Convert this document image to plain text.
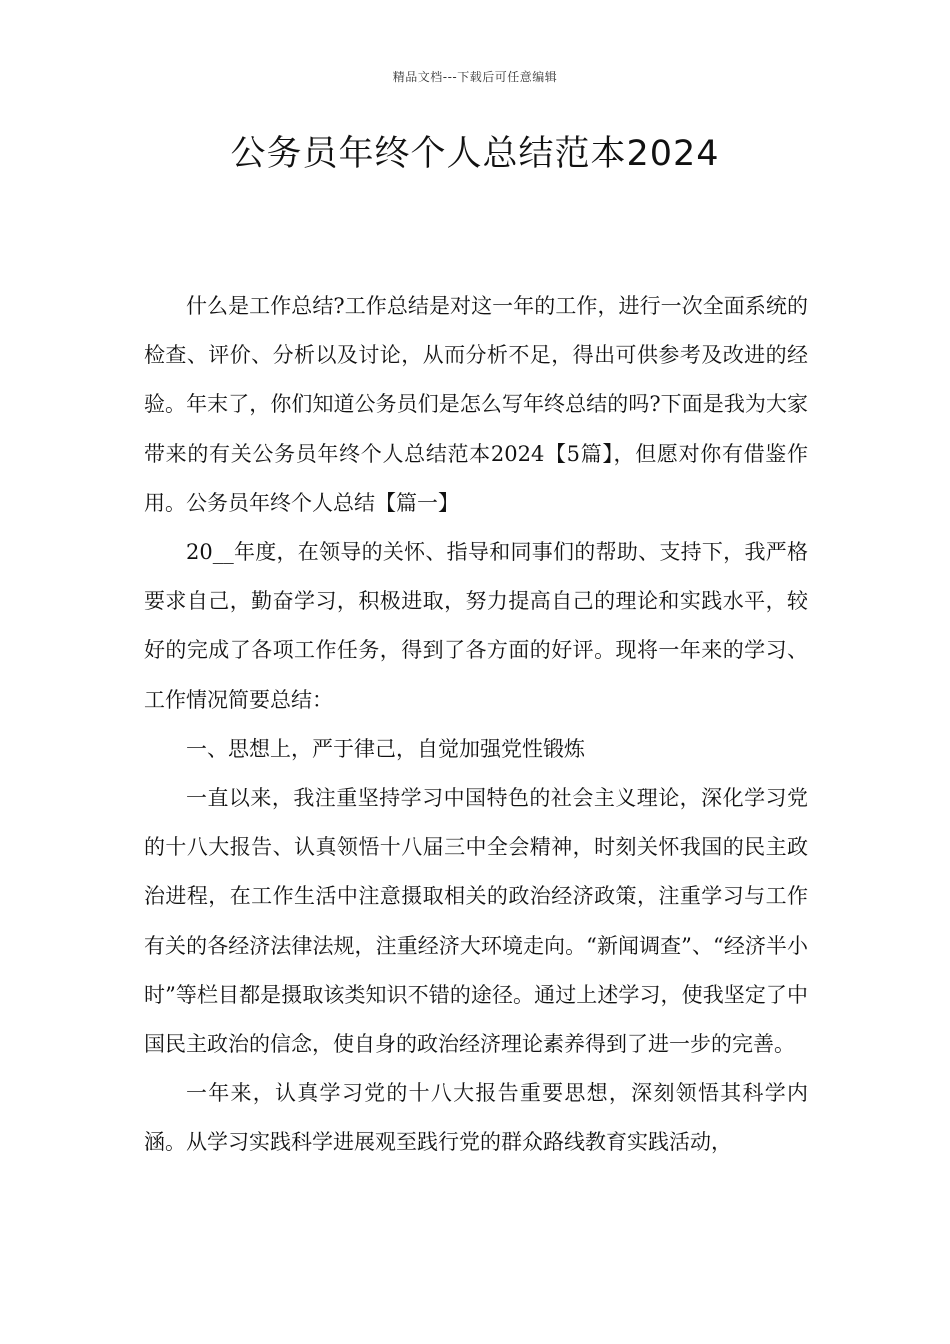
精品文档---下载后可任意编辑
公务员年终个人总结范本2024

什么是工作总结?工作总结是对这一年的工作，进行一次全面系统的检查、评价、分析以及讨论，从而分析不足，得出可供参考及改进的经验。年末了，你们知道公务员们是怎么写年终总结的吗?下面是我为大家带来的有关公务员年终个人总结范本2024【5篇】，但愿对你有借鉴作用。公务员年终个人总结【篇一】

20__年度，在领导的关怀、指导和同事们的帮助、支持下，我严格要求自己，勤奋学习，积极进取，努力提高自己的理论和实践水平，较好的完成了各项工作任务，得到了各方面的好评。现将一年来的学习、工作情况简要总结：

一、思想上，严于律己，自觉加强党性锻炼

一直以来，我注重坚持学习中国特色的社会主义理论，深化学习党的十八大报告、认真领悟十八届三中全会精神，时刻关怀我国的民主政治进程，在工作生活中注意摄取相关的政治经济政策，注重学习与工作有关的各经济法律法规，注重经济大环境走向。“新闻调查”、“经济半小时”等栏目都是摄取该类知识不错的途径。通过上述学习，使我坚定了中国民主政治的信念，使自身的政治经济理论素养得到了进一步的完善。

一年来，认真学习党的十八大报告重要思想，深刻领悟其科学内涵。从学习实践科学进展观至践行党的群众路线教育实践活动，
